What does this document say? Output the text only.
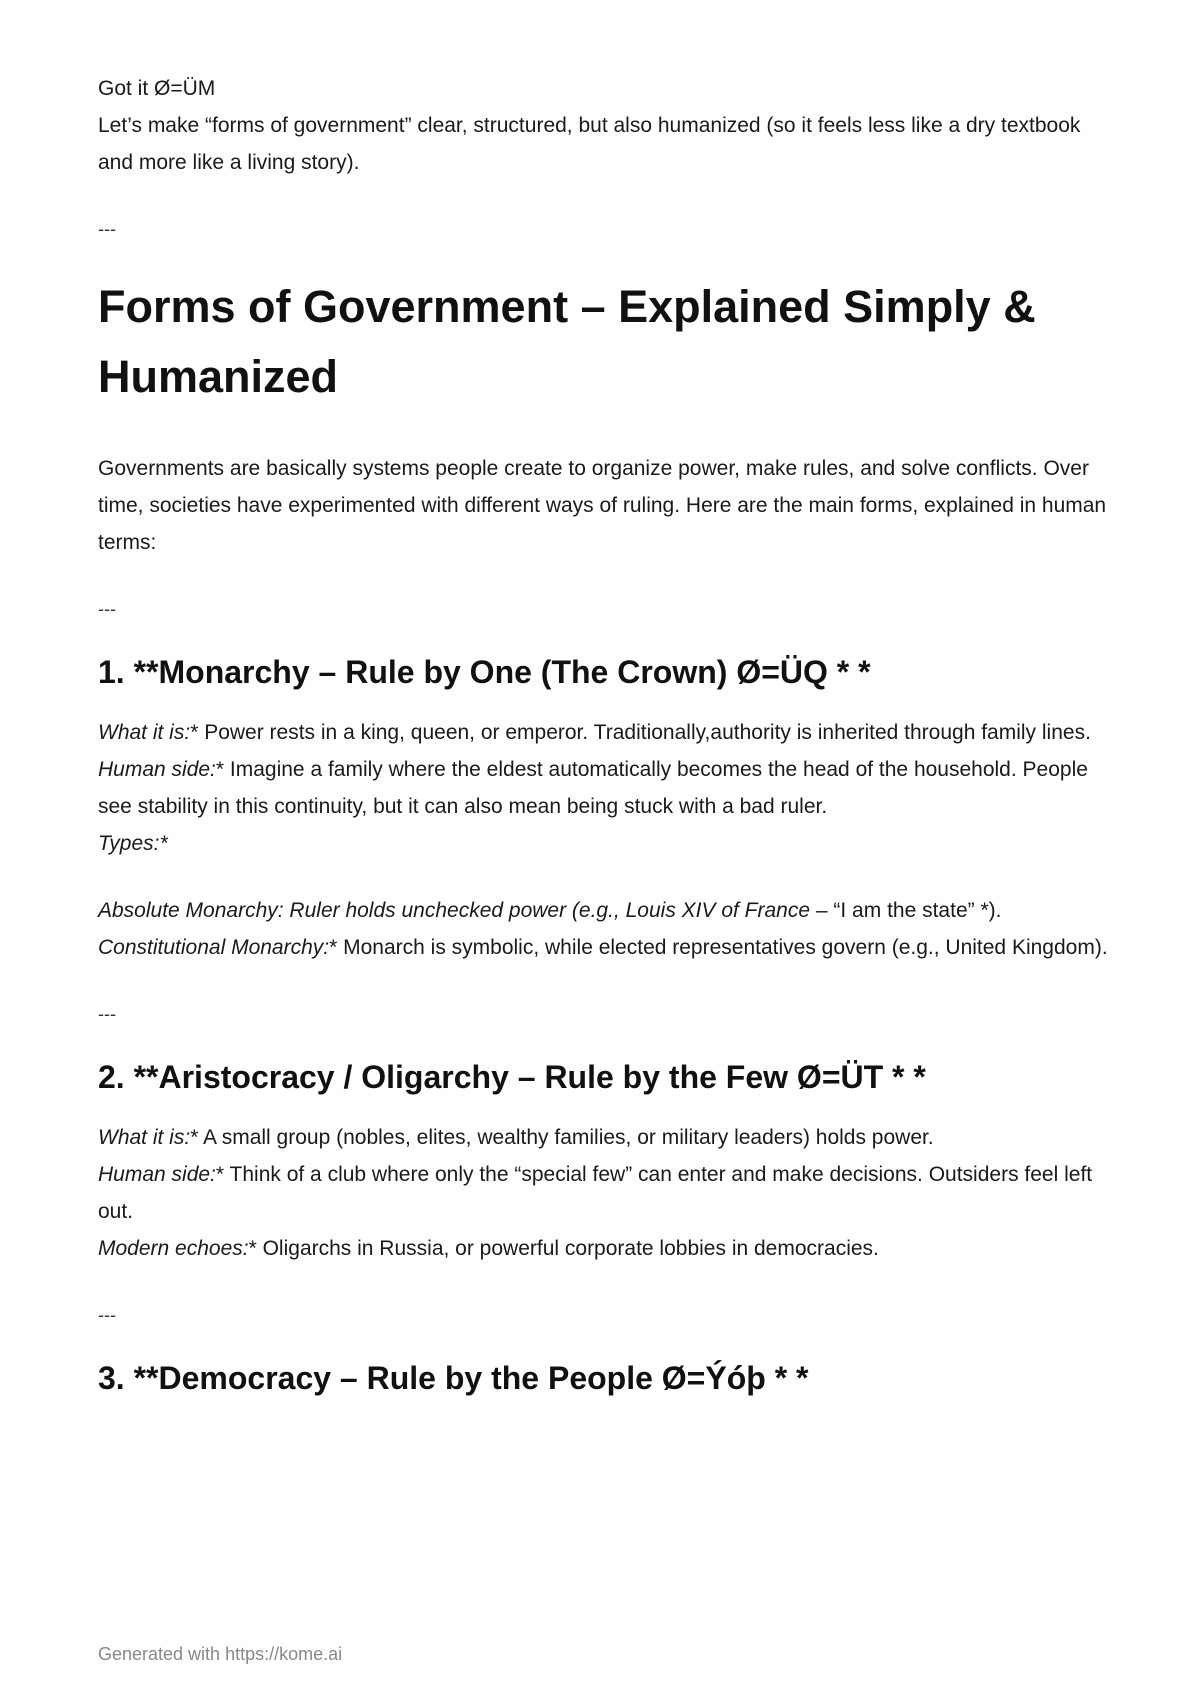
Got it Ø=ÜM

Let’s make “forms of government” clear, structured, but also humanized (so it feels less like a dry textbook and more like a living story).

---

Forms of Government – Explained Simply & Humanized

Governments are basically systems people create to organize power, make rules, and solve conflicts. Over time, societies have experimented with different ways of ruling. Here are the main forms, explained in human terms:

---

1. **Monarchy – Rule by One (The Crown) Ø=ÜQ * *

What it is:* Power rests in a king, queen, or emperor. Traditionally,authority is inherited through family lines.

Human side:* Imagine a family where the eldest automatically becomes the head of the household. People see stability in this continuity, but it can also mean being stuck with a bad ruler.

Types:*

Absolute Monarchy: Ruler holds unchecked power (e.g., Louis XIV of France – “I am the state” *).

Constitutional Monarchy:* Monarch is symbolic, while elected representatives govern (e.g., United Kingdom).

---

2. **Aristocracy / Oligarchy – Rule by the Few Ø=ÜT * *

What it is:* A small group (nobles, elites, wealthy families, or military leaders) holds power.

Human side:* Think of a club where only the “special few” can enter and make decisions. Outsiders feel left out.

Modern echoes:* Oligarchs in Russia, or powerful corporate lobbies in democracies.

---

3. **Democracy – Rule by the People Ø=Ýóþ * *
Generated with https://kome.ai
